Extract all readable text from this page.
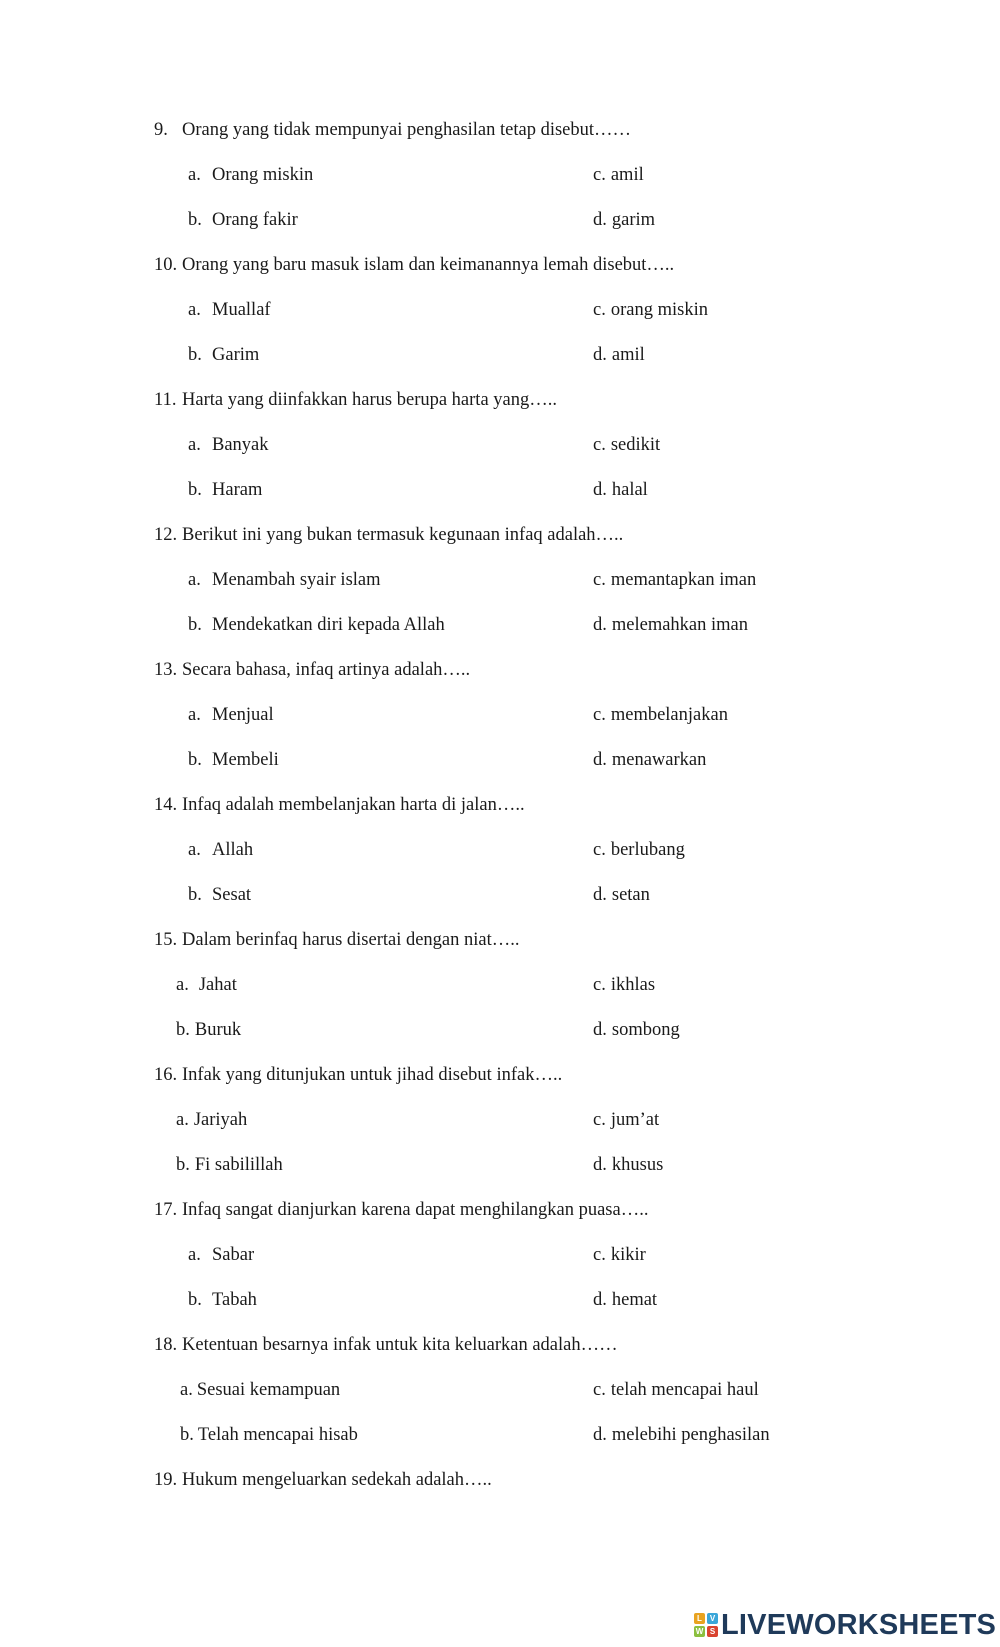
9. Orang yang tidak mempunyai penghasilan tetap disebut……
a. Orang miskin	c. amil
b. Orang fakir	d. garim
10. Orang yang baru masuk islam dan keimanannya lemah disebut…..
a. Muallaf	c. orang miskin
b. Garim	d. amil
11. Harta yang diinfakkan harus berupa harta yang…..
a. Banyak	c. sedikit
b. Haram	d. halal
12. Berikut ini yang bukan termasuk kegunaan infaq adalah…..
a. Menambah syair islam	c. memantapkan iman
b. Mendekatkan diri kepada Allah	d. melemahkan iman
13. Secara bahasa, infaq artinya adalah…..
a. Menjual	c. membelanjakan
b. Membeli	d. menawarkan
14. Infaq adalah membelanjakan harta di jalan…..
a. Allah	c. berlubang
b. Sesat	d. setan
15. Dalam berinfaq harus disertai dengan niat…..
a. Jahat	c. ikhlas
b. Buruk	d. sombong
16. Infak yang ditunjukan untuk jihad disebut infak…..
a. Jariyah	c. jum’at
b. Fi sabilillah	d. khusus
17. Infaq sangat dianjurkan karena dapat menghilangkan puasa…..
a. Sabar	c. kikir
b. Tabah	d. hemat
18. Ketentuan besarnya infak untuk kita keluarkan adalah……
a. Sesuai kemampuan	c. telah mencapai haul
b. Telah mencapai hisab	d. melebihi penghasilan
19. Hukum mengeluarkan sedekah adalah…..
L V
W S LIVEWORKSHEETS
